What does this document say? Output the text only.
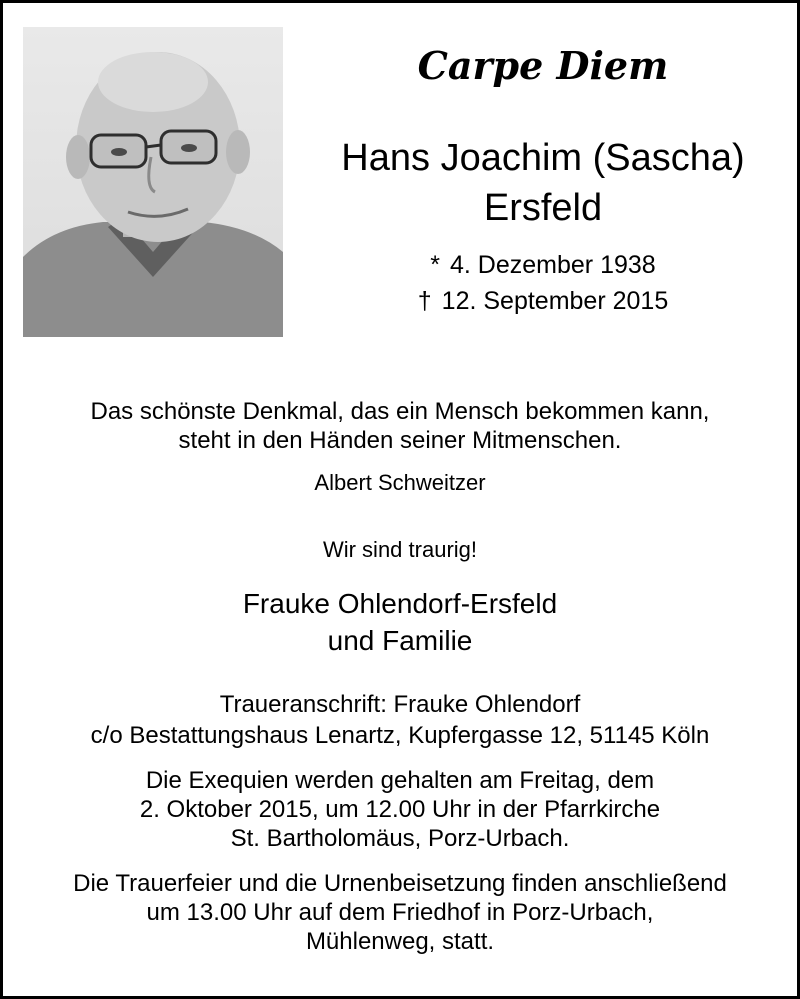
Carpe Diem
Hans Joachim (Sascha)
Ersfeld
* 4. Dezember 1938
† 12. September 2015
Das schönste Denkmal, das ein Mensch bekommen kann,
steht in den Händen seiner Mitmenschen.
Albert Schweitzer
Wir sind traurig!
Frauke Ohlendorf-Ersfeld
und Familie
Traueranschrift: Frauke Ohlendorf
c/o Bestattungshaus Lenartz, Kupfergasse 12, 51145 Köln
Die Exequien werden gehalten am Freitag, dem
2. Oktober 2015, um 12.00 Uhr in der Pfarrkirche
St. Bartholomäus, Porz-Urbach.
Die Trauerfeier und die Urnenbeisetzung finden anschließend
um 13.00 Uhr auf dem Friedhof in Porz-Urbach,
Mühlenweg, statt.
